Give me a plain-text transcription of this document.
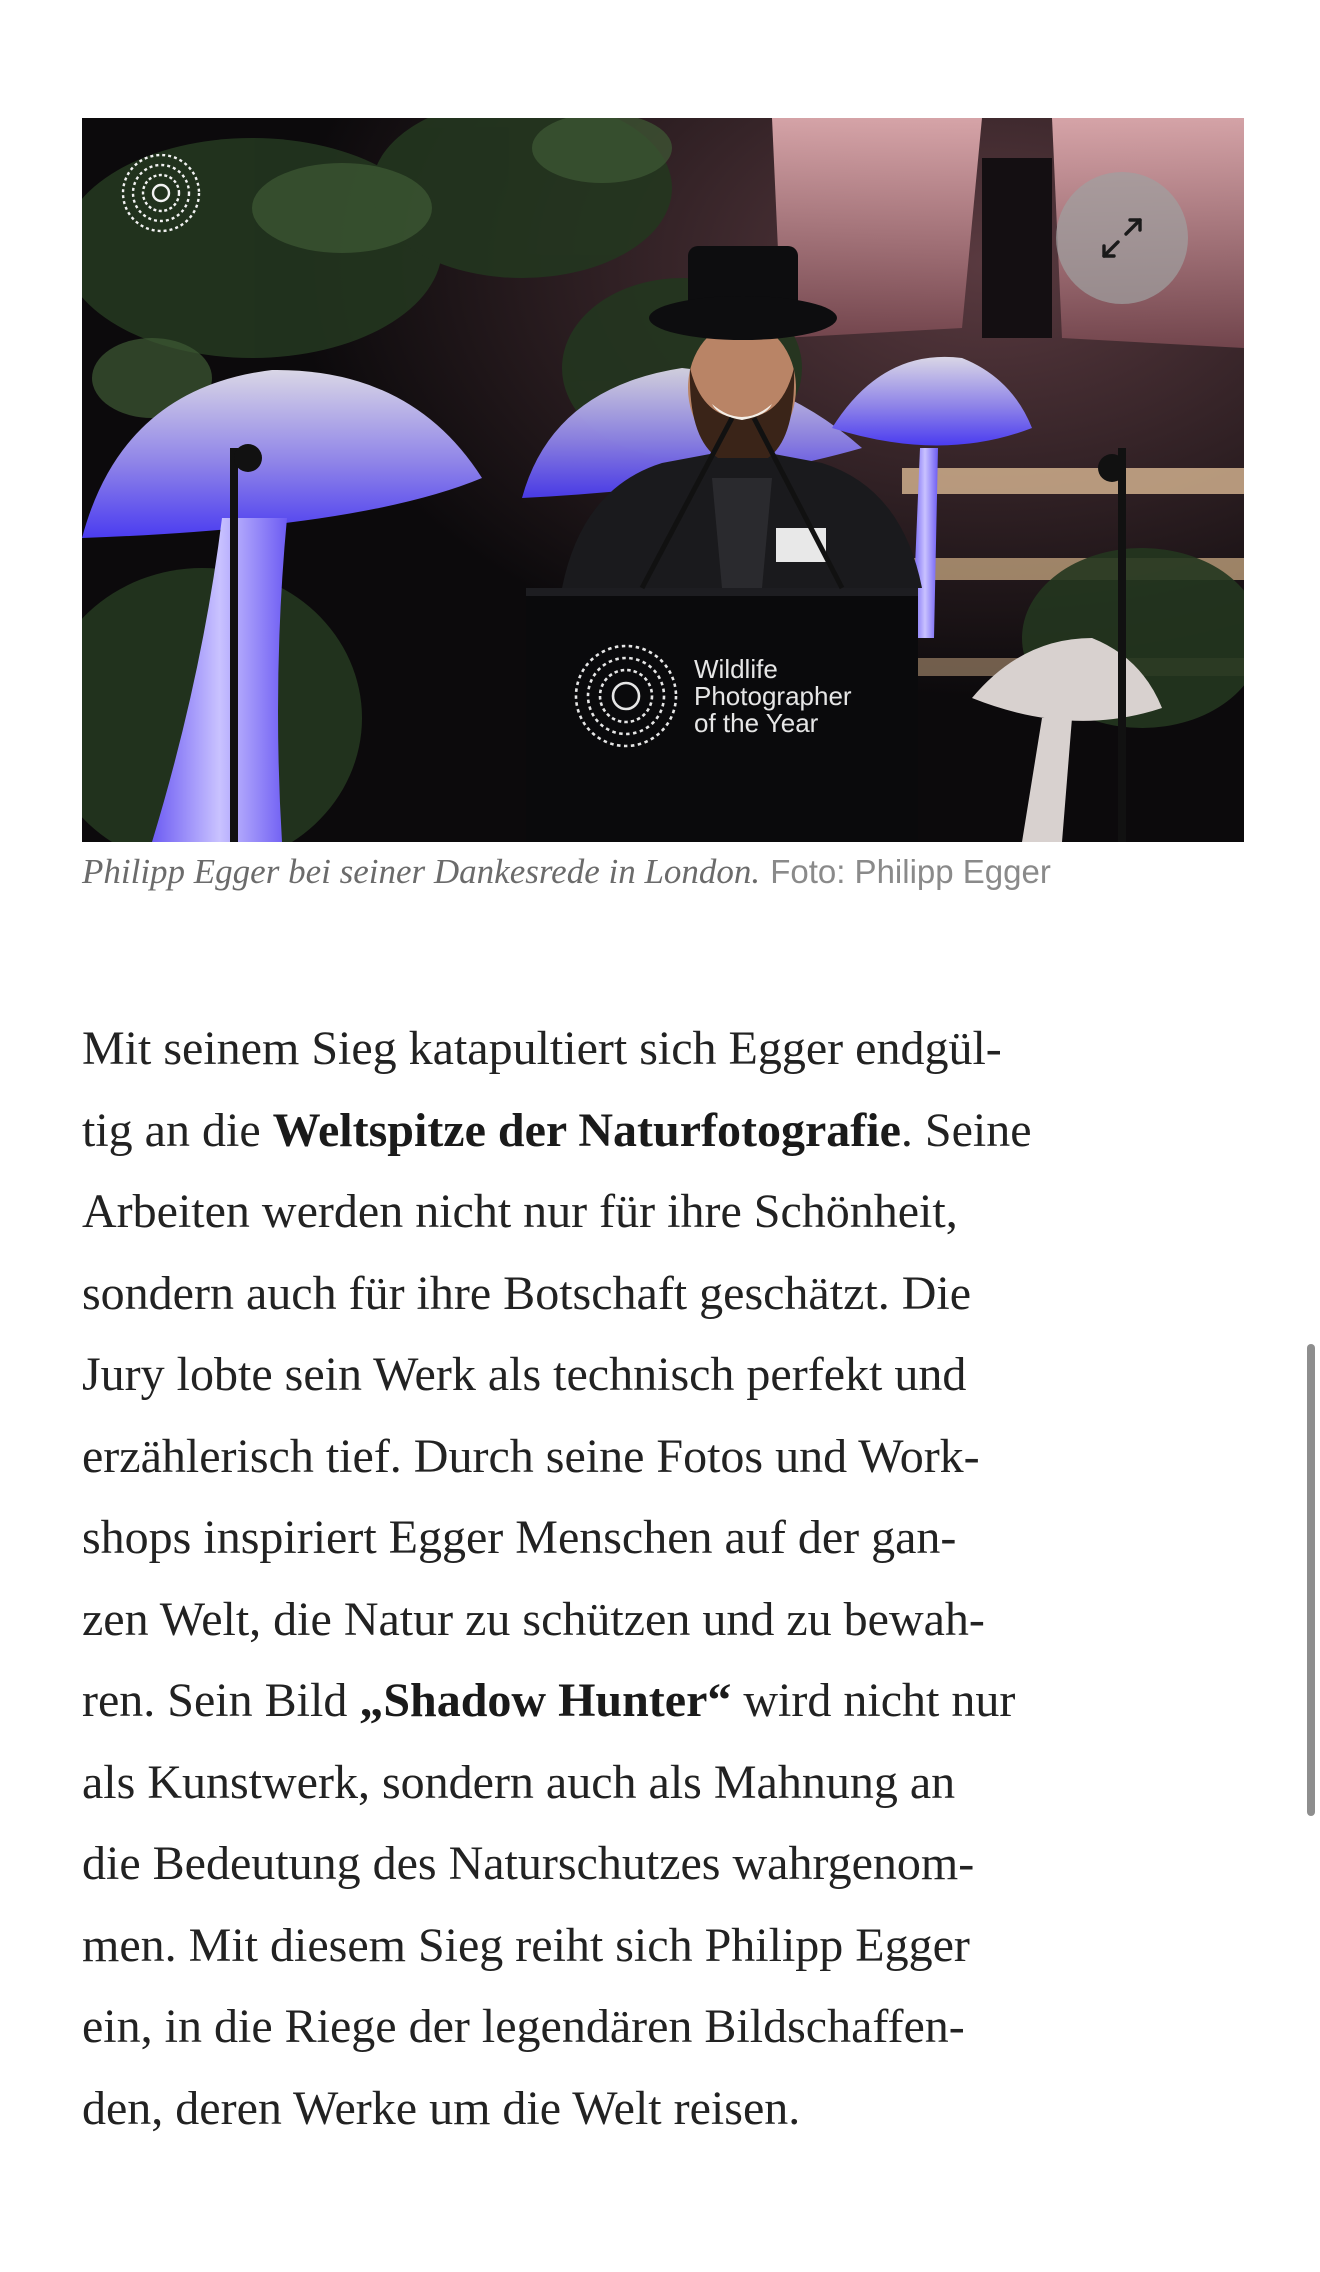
Wildlife
Photographer
of the Year
Philipp Egger bei seiner Dankesrede in London. Foto: Philipp Egger

Mit seinem Sieg katapultiert sich Egger endgül-
tig an die Weltspitze der Naturfotografie. Seine
Arbeiten werden nicht nur für ihre Schönheit,
sondern auch für ihre Botschaft geschätzt. Die
Jury lobte sein Werk als technisch perfekt und
erzählerisch tief. Durch seine Fotos und Work-
shops inspiriert Egger Menschen auf der gan-
zen Welt, die Natur zu schützen und zu bewah-
ren. Sein Bild „Shadow Hunter“ wird nicht nur
als Kunstwerk, sondern auch als Mahnung an
die Bedeutung des Naturschutzes wahrgenom-
men. Mit diesem Sieg reiht sich Philipp Egger
ein, in die Riege der legendären Bildschaffen-
den, deren Werke um die Welt reisen.
